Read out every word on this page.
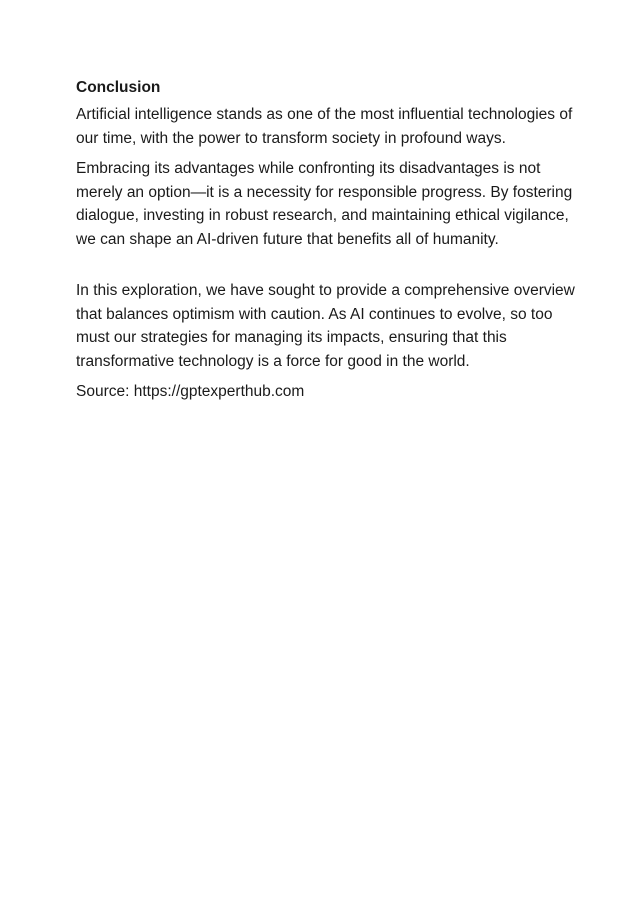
Conclusion

Artificial intelligence stands as one of the most influential technologies of our time, with the power to transform society in profound ways.

Embracing its advantages while confronting its disadvantages is not merely an option—it is a necessity for responsible progress. By fostering dialogue, investing in robust research, and maintaining ethical vigilance, we can shape an AI-driven future that benefits all of humanity.

In this exploration, we have sought to provide a comprehensive overview that balances optimism with caution. As AI continues to evolve, so too must our strategies for managing its impacts, ensuring that this transformative technology is a force for good in the world.

Source: https://gptexperthub.com
